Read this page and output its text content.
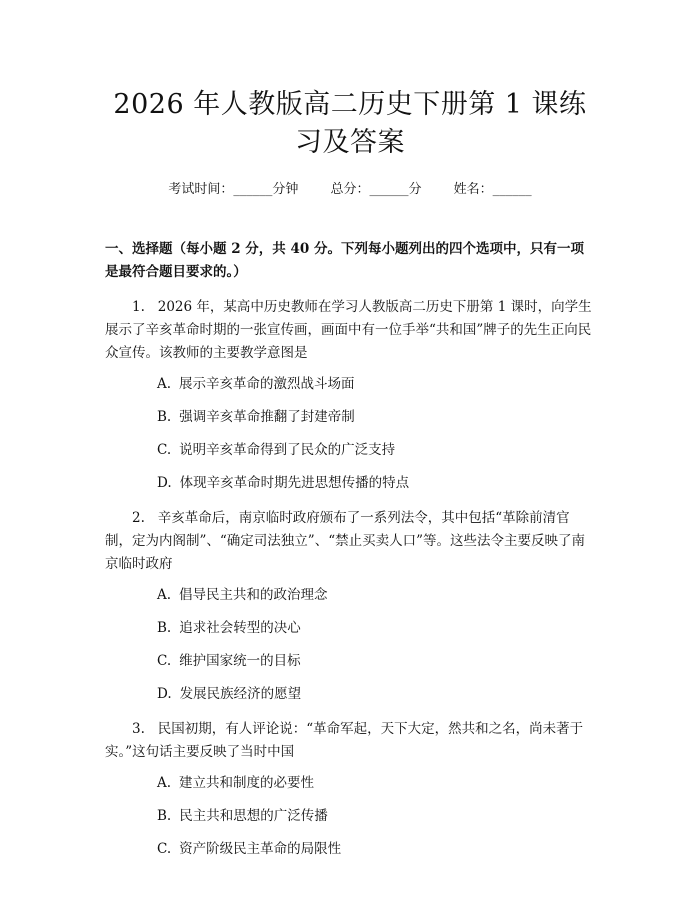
2026 年人教版高二历史下册第 1 课练习及答案
考试时间：______分钟 总分：______分 姓名：______

一、选择题（每小题 2 分，共 40 分。下列每小题列出的四个选项中，只有一项是最符合题目要求的。）

1.   2026 年，某高中历史教师在学习人教版高二历史下册第 1 课时，向学生展示了辛亥革命时期的一张宣传画，画面中有一位手举“共和国”牌子的先生正向民众宣传。该教师的主要教学意图是

A. 展示辛亥革命的激烈战斗场面
B. 强调辛亥革命推翻了封建帝制
C. 说明辛亥革命得到了民众的广泛支持
D. 体现辛亥革命时期先进思想传播的特点

2.   辛亥革命后，南京临时政府颁布了一系列法令，其中包括“革除前清官制，定为内阁制”、“确定司法独立”、“禁止买卖人口”等。这些法令主要反映了南京临时政府

A. 倡导民主共和的政治理念
B. 追求社会转型的决心
C. 维护国家统一的目标
D. 发展民族经济的愿望

3.   民国初期，有人评论说：“革命军起，天下大定，然共和之名，尚未著于实。”这句话主要反映了当时中国

A. 建立共和制度的必要性
B. 民主共和思想的广泛传播
C. 资产阶级民主革命的局限性
